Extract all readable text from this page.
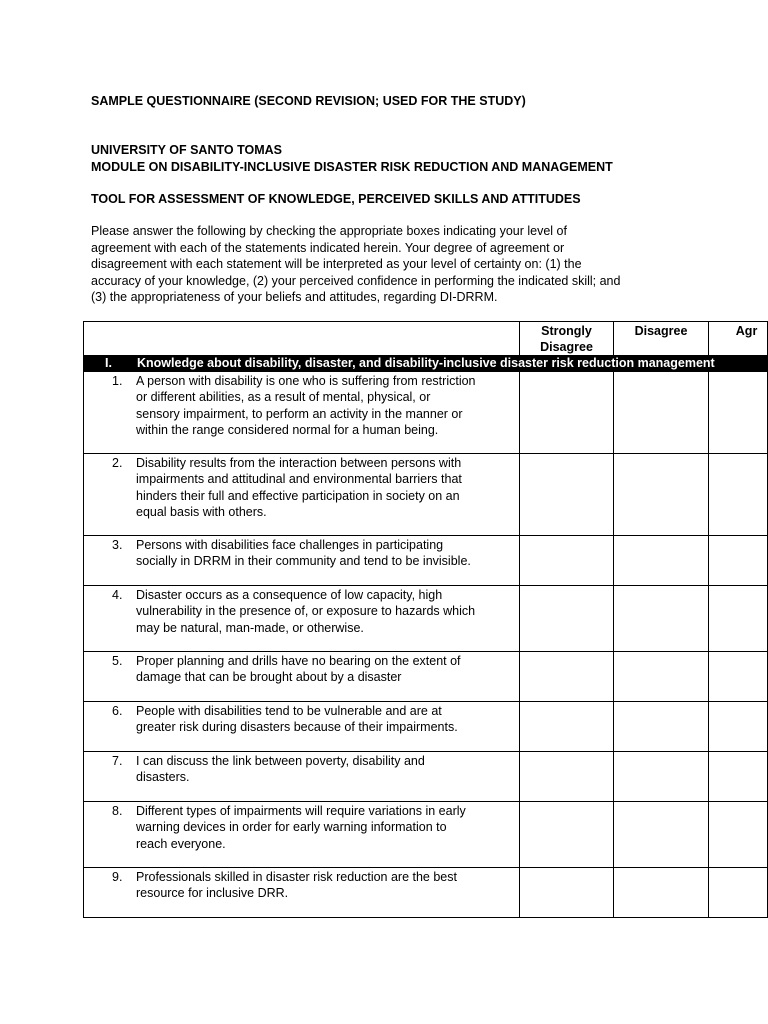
SAMPLE QUESTIONNAIRE (SECOND REVISION; USED FOR THE STUDY)
UNIVERSITY OF SANTO TOMAS
MODULE ON DISABILITY-INCLUSIVE DISASTER RISK REDUCTION AND MANAGEMENT
TOOL FOR ASSESSMENT OF KNOWLEDGE, PERCEIVED SKILLS AND ATTITUDES
Please answer the following by checking the appropriate boxes indicating your level of
agreement with each of the statements indicated herein. Your degree of agreement or
disagreement with each statement will be interpreted as your level of certainty on: (1) the
accuracy of your knowledge, (2) your perceived confidence in performing the indicated skill; and
(3) the appropriateness of your beliefs and attitudes, regarding DI-DRRM.
	Strongly Disagree	Disagree	Agr
I. Knowledge about disability, disaster, and disability-inclusive disaster risk reduction management			

1. A person with disability is one who is suffering from restriction
or different abilities, as a result of mental, physical, or
sensory impairment, to perform an activity in the manner or
within the range considered normal for a human being.			

2. Disability results from the interaction between persons with
impairments and attitudinal and environmental barriers that
hinders their full and effective participation in society on an
equal basis with others.			

3. Persons with disabilities face challenges in participating
socially in DRRM in their community and tend to be invisible.			

4. Disaster occurs as a consequence of low capacity, high
vulnerability in the presence of, or exposure to hazards which
may be natural, man-made, or otherwise.			

5. Proper planning and drills have no bearing on the extent of
damage that can be brought about by a disaster			

6. People with disabilities tend to be vulnerable and are at
greater risk during disasters because of their impairments.			

7. I can discuss the link between poverty, disability and
disasters.			

8. Different types of impairments will require variations in early
warning devices in order for early warning information to
reach everyone.			

9. Professionals skilled in disaster risk reduction are the best
resource for inclusive DRR.			
